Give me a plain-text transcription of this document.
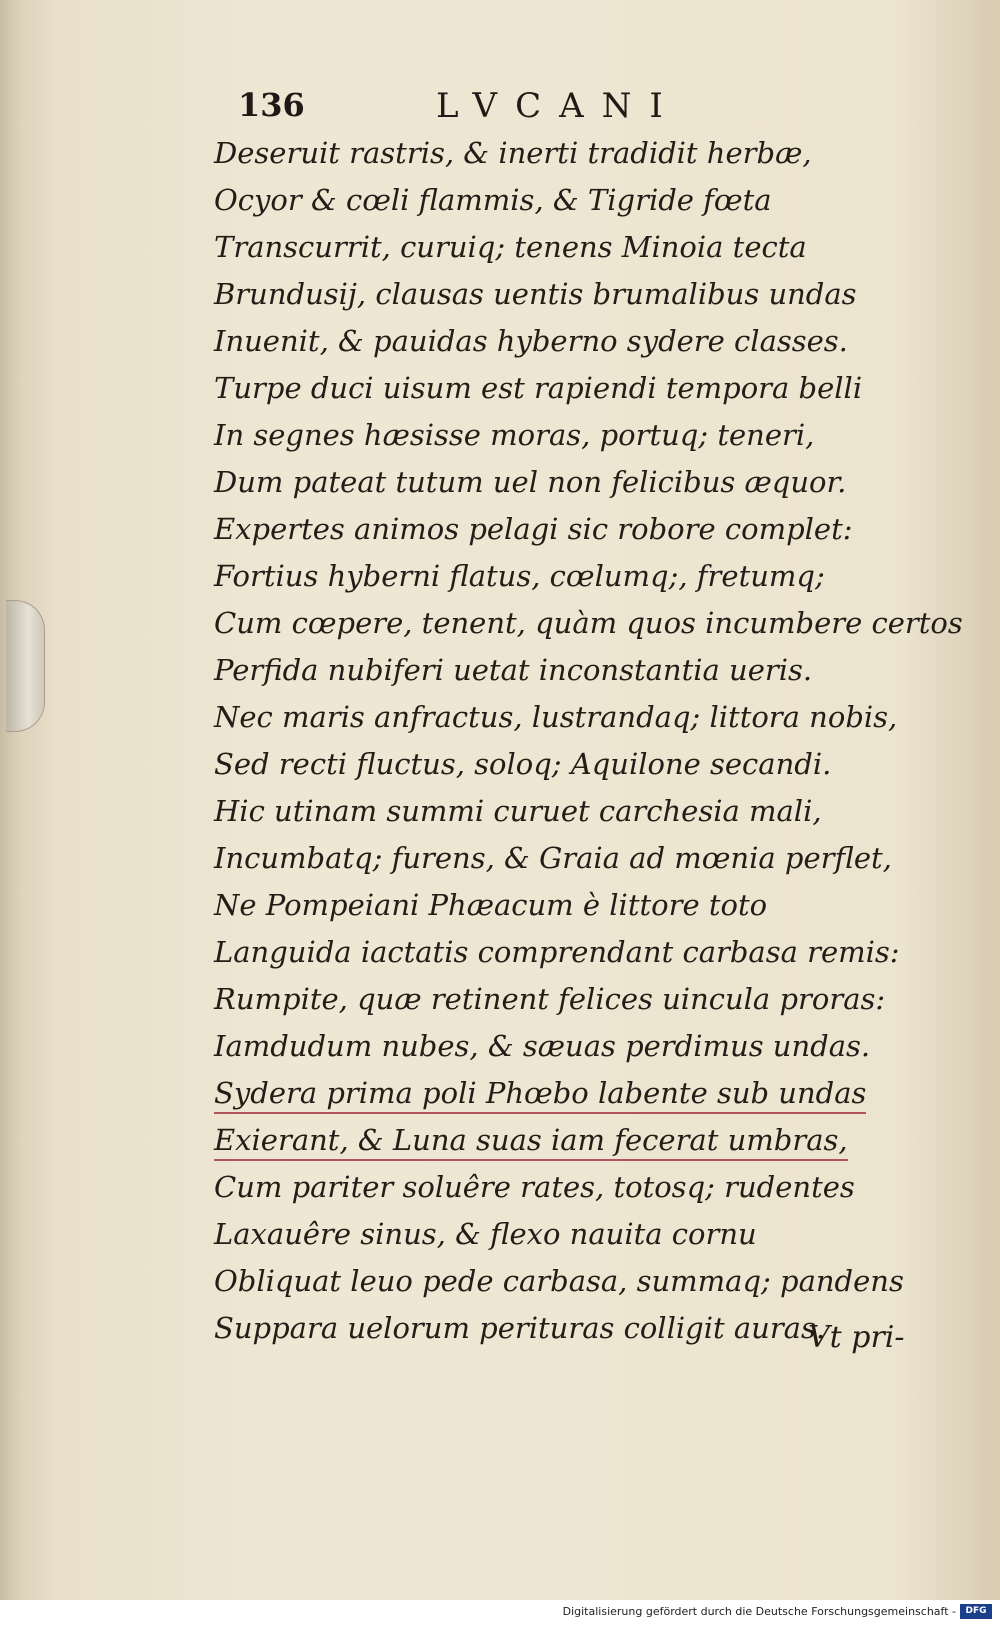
136	LVCANI
Deseruit rastris, & inerti tradidit herbæ,
Ocyor & cœli flammis, & Tigride fœta
Transcurrit, curuiq; tenens Minoia tecta
Brundusij, clausas uentis brumalibus undas
Inuenit, & pauidas hyberno sydere classes.
Turpe duci uisum est rapiendi tempora belli
In segnes hæsisse moras, portuq; teneri,
Dum pateat tutum uel non felicibus æquor.
Expertes animos pelagi sic robore complet:
Fortius hyberni flatus, cœlumq;, fretumq;
Cum cœpere, tenent, quàm quos incumbere certos
Perfida nubiferi uetat inconstantia ueris.
Nec maris anfractus, lustrandaq; littora nobis,
Sed recti fluctus, soloq; Aquilone secandi.
Hic utinam summi curuet carchesia mali,
Incumbatq; furens, & Graia ad mœnia perflet,
Ne Pompeiani Phæacum è littore toto
Languida iactatis comprendant carbasa remis:
Rumpite, quæ retinent felices uincula proras:
Iamdudum nubes, & sæuas perdimus undas.
Sydera prima poli Phœbo labente sub undas
Exierant, & Luna suas iam fecerat umbras,
Cum pariter soluêre rates, totosq; rudentes
Laxauêre sinus, & flexo nauita cornu
Obliquat leuo pede carbasa, summaq; pandens
Suppara uelorum perituras colligit auras.
Vt pri-
Digitalisierung gefördert durch die Deutsche Forschungsgemeinschaft -	DFG
